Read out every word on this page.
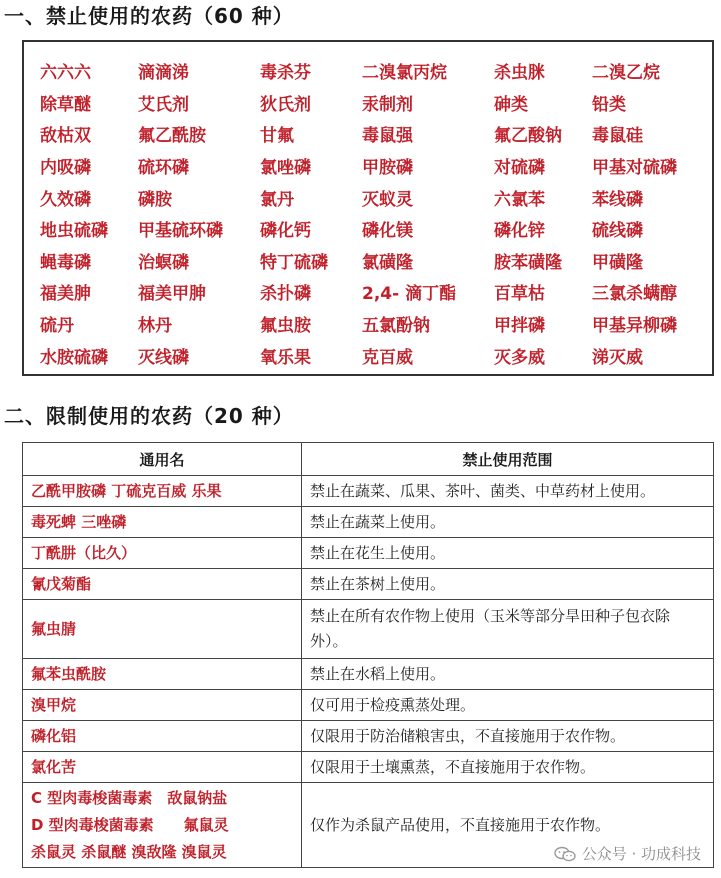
一、禁止使用的农药（60 种）
六六六	滴滴涕	毒杀芬	二溴氯丙烷	杀虫脒	二溴乙烷
除草醚	艾氏剂	狄氏剂	汞制剂	砷类	铅类
敌枯双	氟乙酰胺	甘氟	毒鼠强	氟乙酸钠	毒鼠硅
内吸磷	硫环磷	氯唑磷	甲胺磷	对硫磷	甲基对硫磷
久效磷	磷胺	氯丹	灭蚁灵	六氯苯	苯线磷
地虫硫磷	甲基硫环磷	磷化钙	磷化镁	磷化锌	硫线磷
蝇毒磷	治螟磷	特丁硫磷	氯磺隆	胺苯磺隆	甲磺隆
福美胂	福美甲胂	杀扑磷	2,4- 滴丁酯	百草枯	三氯杀螨醇
硫丹	林丹	氟虫胺	五氯酚钠	甲拌磷	甲基异柳磷
水胺硫磷	灭线磷	氧乐果	克百威	灭多威	涕灭威
二、限制使用的农药（20 种）
通用名	禁止使用范围

乙酰甲胺磷 丁硫克百威 乐果	禁止在蔬菜、瓜果、茶叶、菌类、中草药材上使用。

毒死蜱 三唑磷	禁止在蔬菜上使用。

丁酰肼（比久）	禁止在花生上使用。

氰戊菊酯	禁止在茶树上使用。

氟虫腈	禁止在所有农作物上使用（玉米等部分旱田种子包衣除外）。

氟苯虫酰胺	禁止在水稻上使用。

溴甲烷	仅可用于检疫熏蒸处理。

磷化铝	仅限用于防治储粮害虫，不直接施用于农作物。

氯化苦	仅限用于土壤熏蒸，不直接施用于农作物。

C 型肉毒梭菌毒素　敌鼠钠盐
D 型肉毒梭菌毒素　　氟鼠灵
杀鼠灵 杀鼠醚 溴敌隆 溴鼠灵	仅作为杀鼠产品使用，不直接施用于农作物。
公众号 · 功成科技
